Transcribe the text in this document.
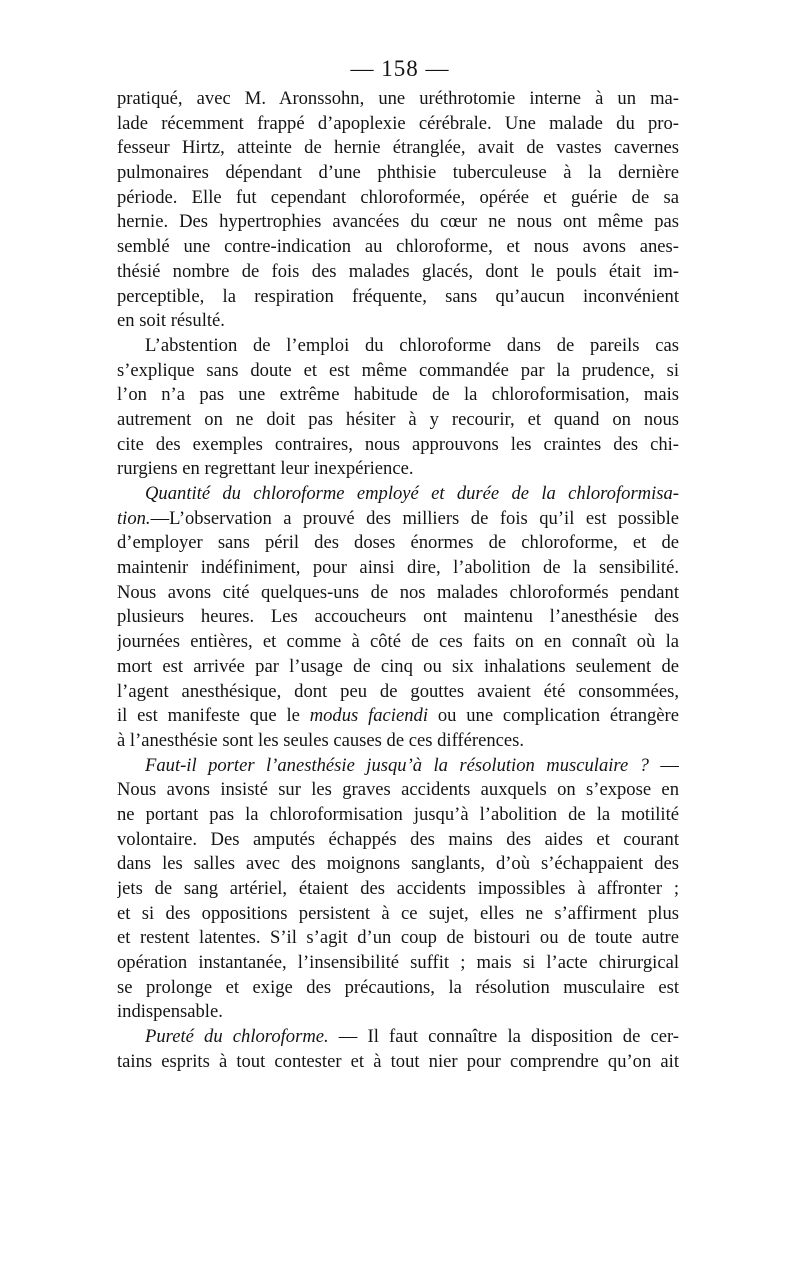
— 158 —
pratiqué, avec M. Aronssohn, une uréthrotomie interne à un ma-
lade récemment frappé d’apoplexie cérébrale. Une malade du pro-
fesseur Hirtz, atteinte de hernie étranglée, avait de vastes cavernes
pulmonaires dépendant d’une phthisie tuberculeuse à la dernière
période. Elle fut cependant chloroformée, opérée et guérie de sa
hernie. Des hypertrophies avancées du cœur ne nous ont même pas
semblé une contre-indication au chloroforme, et nous avons anes-
thésié nombre de fois des malades glacés, dont le pouls était im-
perceptible, la respiration fréquente, sans qu’aucun inconvénient
en soit résulté.
L’abstention de l’emploi du chloroforme dans de pareils cas
s’explique sans doute et est même commandée par la prudence, si
l’on n’a pas une extrême habitude de la chloroformisation, mais
autrement on ne doit pas hésiter à y recourir, et quand on nous
cite des exemples contraires, nous approuvons les craintes des chi-
rurgiens en regrettant leur inexpérience.
Quantité du chloroforme employé et durée de la chloroformisa-
tion.—L’observation a prouvé des milliers de fois qu’il est possible
d’employer sans péril des doses énormes de chloroforme, et de
maintenir indéfiniment, pour ainsi dire, l’abolition de la sensibilité.
Nous avons cité quelques-uns de nos malades chloroformés pendant
plusieurs heures. Les accoucheurs ont maintenu l’anesthésie des
journées entières, et comme à côté de ces faits on en connaît où la
mort est arrivée par l’usage de cinq ou six inhalations seulement de
l’agent anesthésique, dont peu de gouttes avaient été consommées,
il est manifeste que le modus faciendi ou une complication étrangère
à l’anesthésie sont les seules causes de ces différences.
Faut-il porter l’anesthésie jusqu’à la résolution musculaire ? —
Nous avons insisté sur les graves accidents auxquels on s’expose en
ne portant pas la chloroformisation jusqu’à l’abolition de la motilité
volontaire. Des amputés échappés des mains des aides et courant
dans les salles avec des moignons sanglants, d’où s’échappaient des
jets de sang artériel, étaient des accidents impossibles à affronter ;
et si des oppositions persistent à ce sujet, elles ne s’affirment plus
et restent latentes. S’il s’agit d’un coup de bistouri ou de toute autre
opération instantanée, l’insensibilité suffit ; mais si l’acte chirurgical
se prolonge et exige des précautions, la résolution musculaire est
indispensable.
Pureté du chloroforme. — Il faut connaître la disposition de cer-
tains esprits à tout contester et à tout nier pour comprendre qu’on ait
